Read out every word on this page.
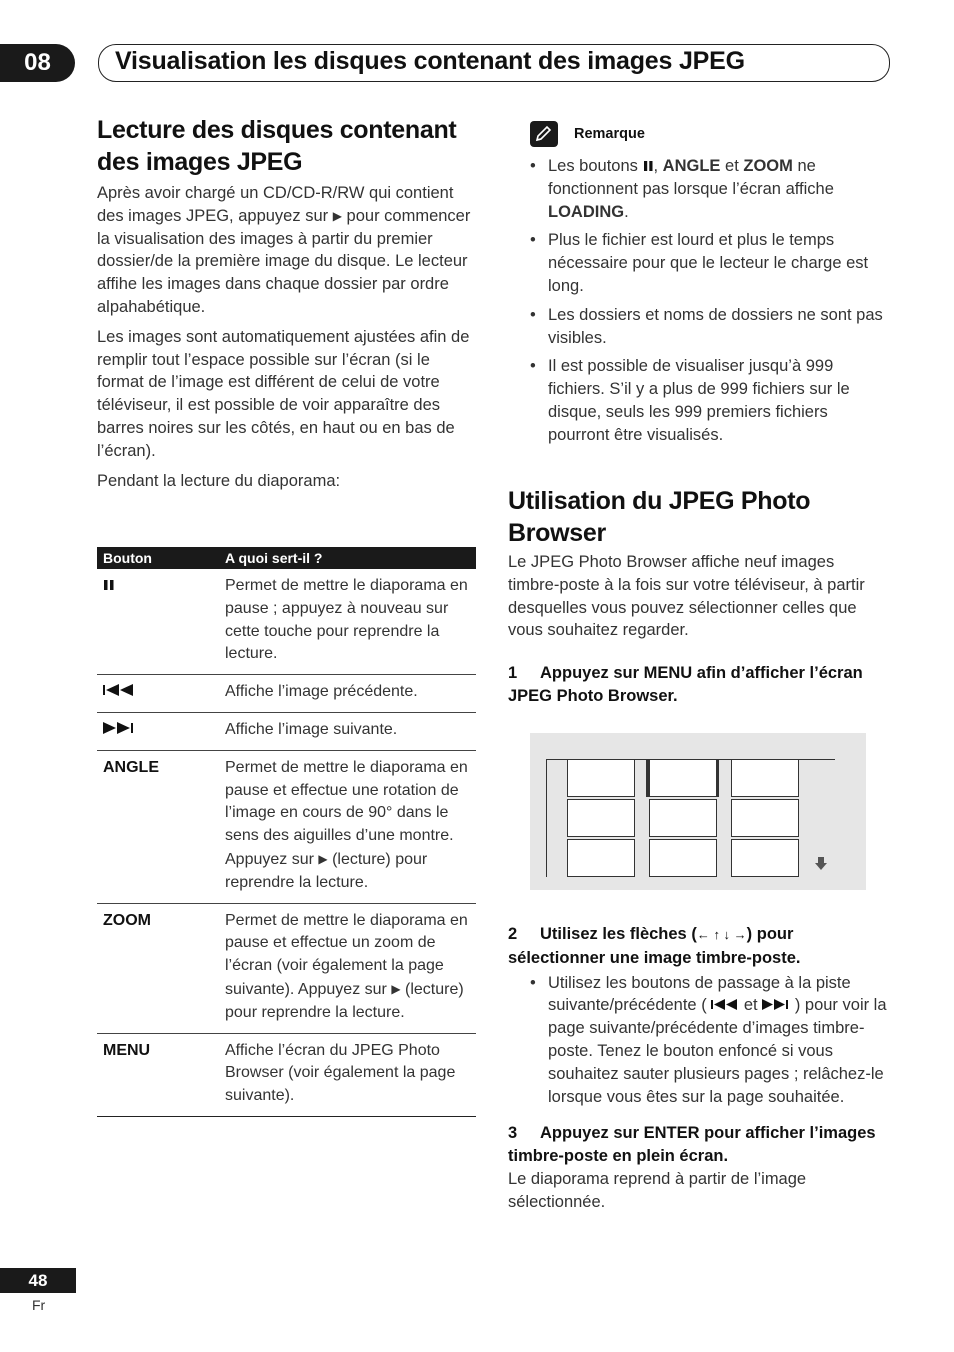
08	Visualisation les disques contenant des images JPEG
Lecture des disques contenant des images JPEG

Après avoir chargé un CD/CD-R/RW qui contient des images JPEG, appuyez sur ▶ pour commencer la visualisation des images à partir du premier dossier/de la première image du disque. Le lecteur affihe les images dans chaque dossier par ordre alpahabétique.

Les images sont automatiquement ajustées afin de remplir tout l’espace possible sur l’écran (si le format de l’image est différent de celui de votre téléviseur, il est possible de voir apparaître des barres noires sur les côtés, en haut ou en bas de l’écran).

Pendant la lecture du diaporama:

Bouton	A quoi sert-il ?
	Permet de mettre le diaporama en pause ; appuyez à nouveau sur cette touche pour reprendre la lecture.
	Affiche l’image précédente.
	Affiche l’image suivante.
ANGLE	Permet de mettre le diaporama en pause et effectue une rotation de l’image en cours de 90° dans le sens des aiguilles d’une montre. Appuyez sur ▶ (lecture) pour reprendre la lecture.
ZOOM	Permet de mettre le diaporama en pause et effectue un zoom de l’écran (voir également la page suivante). Appuyez sur ▶ (lecture) pour reprendre la lecture.
MENU	Affiche l’écran du JPEG Photo Browser (voir également la page suivante).
Remarque
• Les boutons , ANGLE et ZOOM ne fonctionnent pas lorsque l’écran affiche LOADING.
• Plus le fichier est lourd et plus le temps nécessaire pour que le lecteur le charge est long.
• Les dossiers et noms de dossiers ne sont pas visibles.
• Il est possible de visualiser jusqu’à 999 fichiers. S’il y a plus de 999 fichiers sur le disque, seuls les 999 premiers fichiers pourront être visualisés.
Utilisation du JPEG Photo Browser
Le JPEG Photo Browser affiche neuf images timbre-poste à la fois sur votre téléviseur, à partir desquelles vous pouvez sélectionner celles que vous souhaitez regarder.
1 Appuyez sur MENU afin d’afficher l’écran JPEG Photo Browser.
2 Utilisez les flèches (← ↑ ↓ →) pour sélectionner une image timbre-poste.
• Utilisez les boutons de passage à la piste suivante/précédente ( et ) pour voir la page suivante/précédente d’images timbre-poste. Tenez le bouton enfoncé si vous souhaitez sauter plusieurs pages ; relâchez-le lorsque vous êtes sur la page souhaitée.
3 Appuyez sur ENTER pour afficher l’images timbre-poste en plein écran.
Le diaporama reprend à partir de l’image sélectionnée.
48
Fr
